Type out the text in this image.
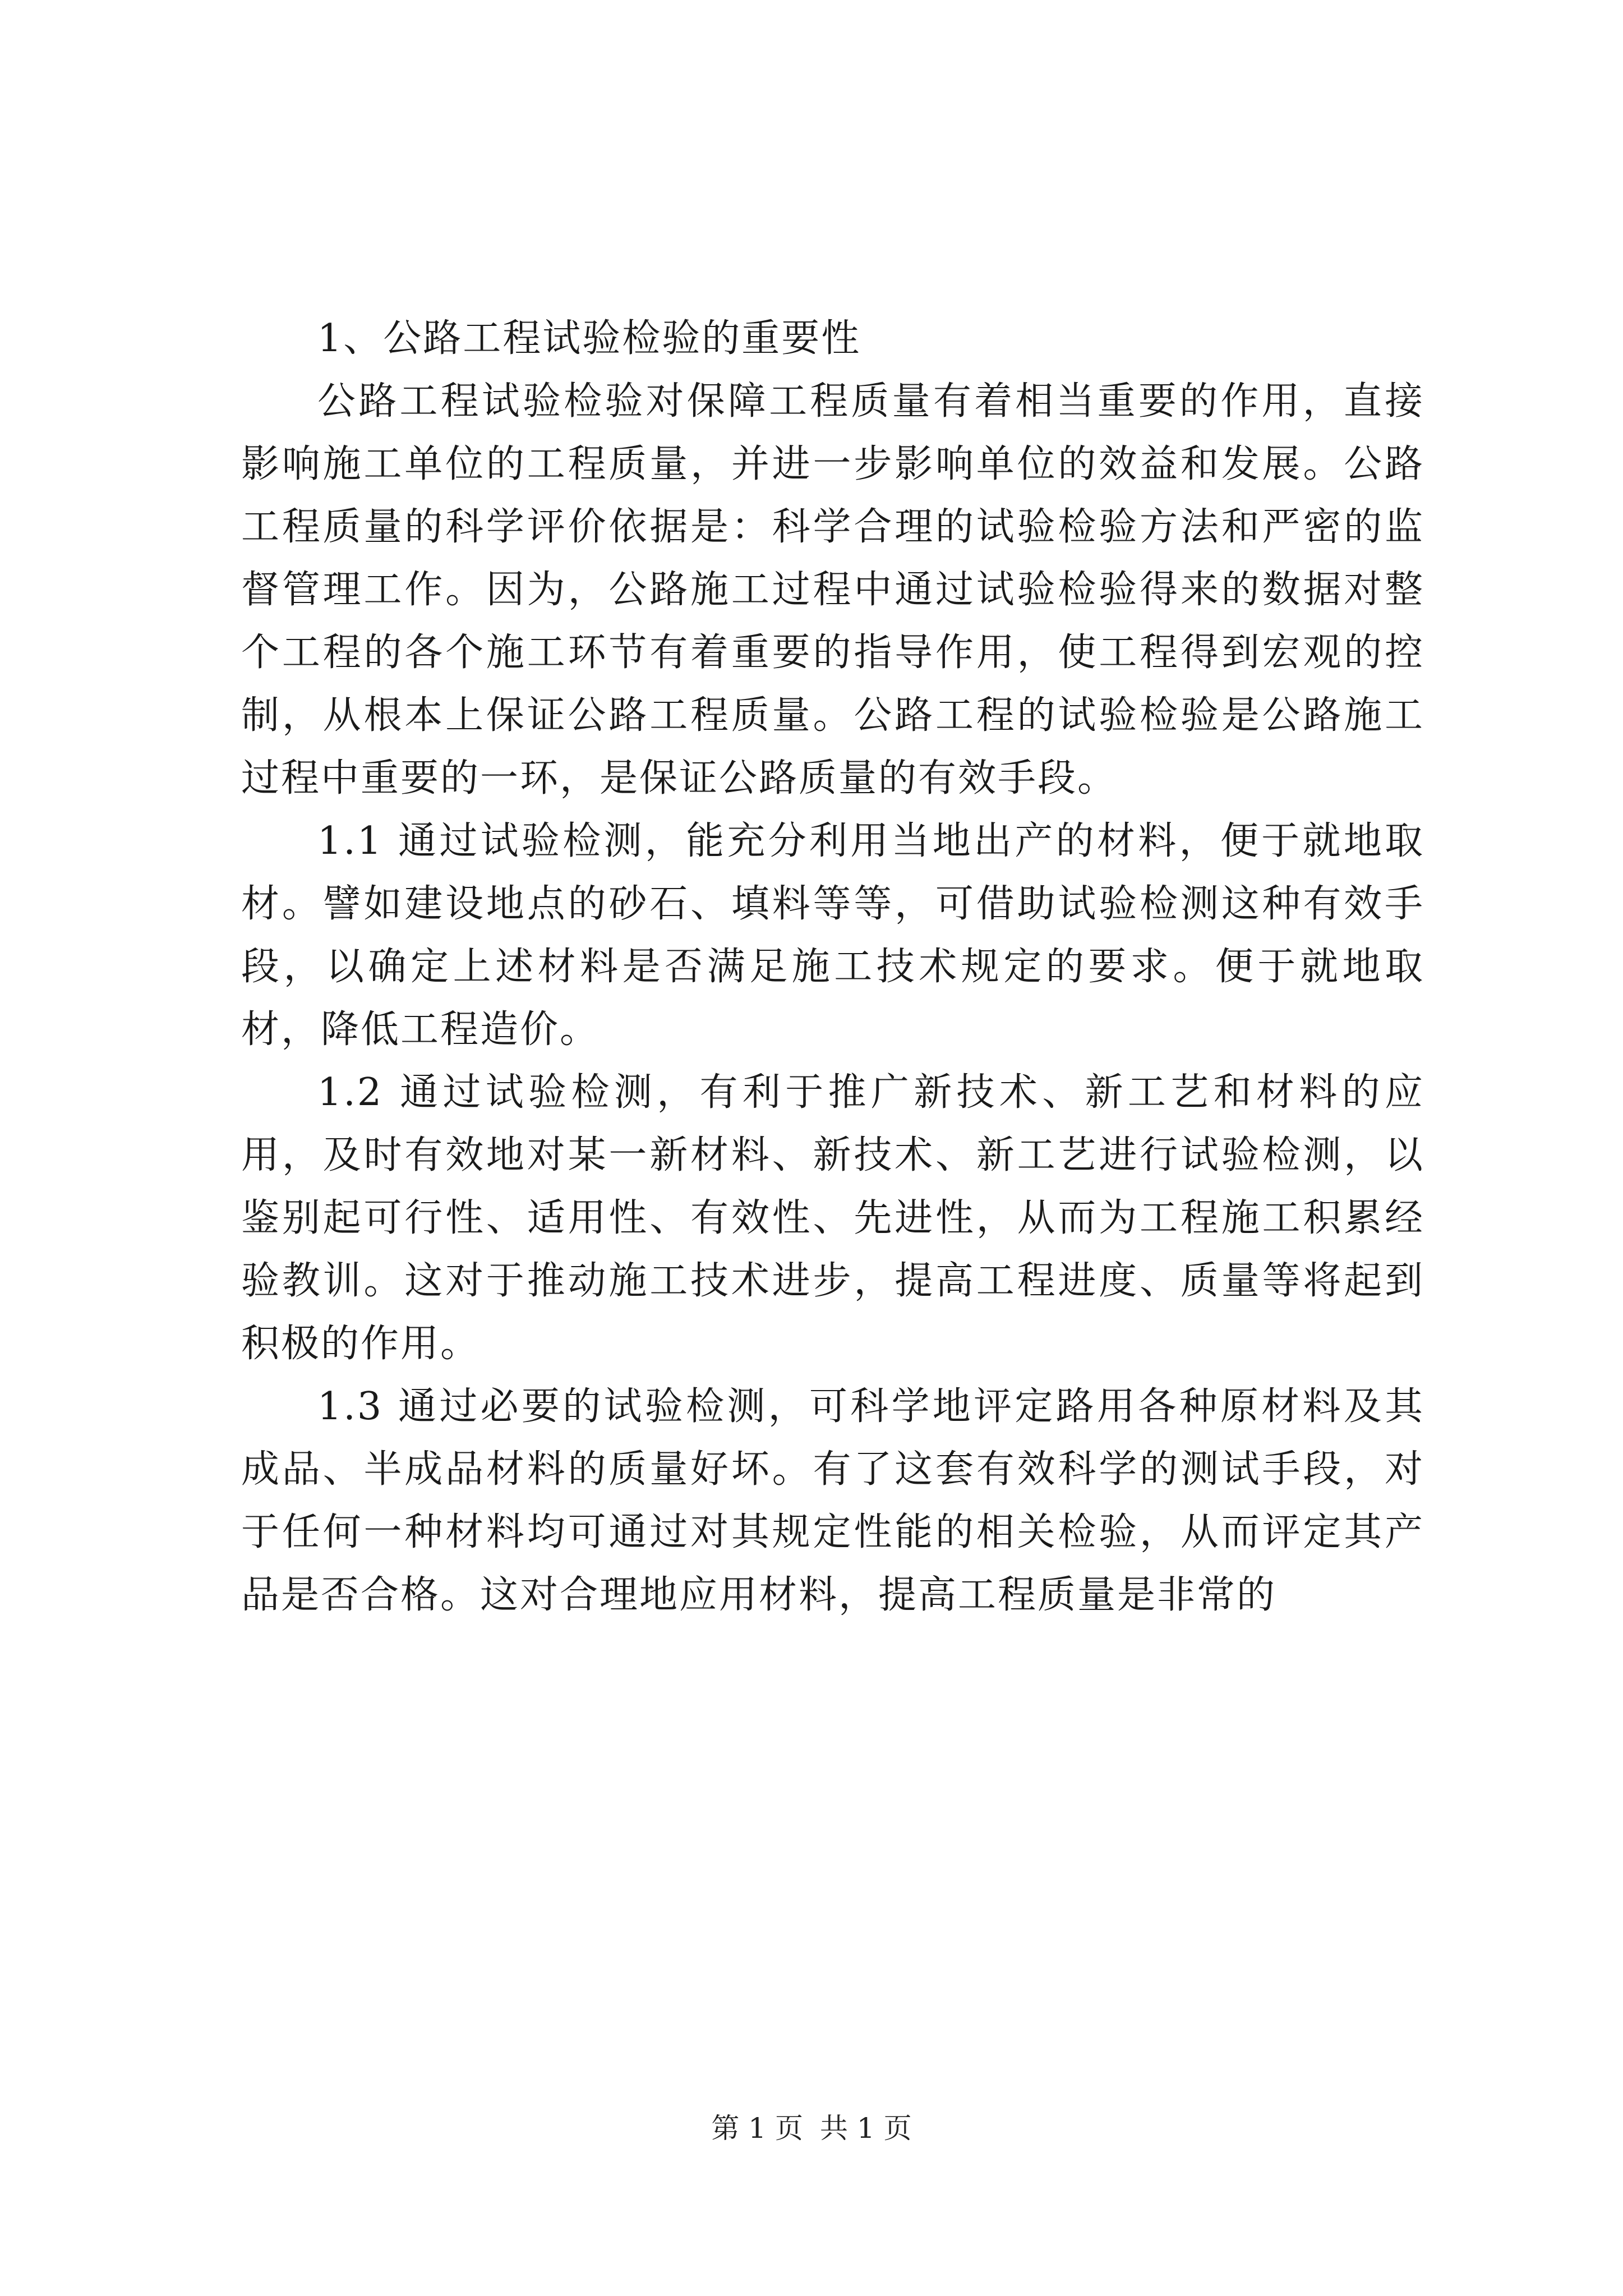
1、公路工程试验检验的重要性

公路工程试验检验对保障工程质量有着相当重要的作用，直接影响施工单位的工程质量，并进一步影响单位的效益和发展。公路工程质量的科学评价依据是：科学合理的试验检验方法和严密的监督管理工作。因为，公路施工过程中通过试验检验得来的数据对整个工程的各个施工环节有着重要的指导作用，使工程得到宏观的控制，从根本上保证公路工程质量。公路工程的试验检验是公路施工过程中重要的一环，是保证公路质量的有效手段。

1.1 通过试验检测，能充分利用当地出产的材料，便于就地取材。譬如建设地点的砂石、填料等等，可借助试验检测这种有效手段，以确定上述材料是否满足施工技术规定的要求。便于就地取材，降低工程造价。

1.2 通过试验检测，有利于推广新技术、新工艺和材料的应用，及时有效地对某一新材料、新技术、新工艺进行试验检测，以鉴别起可行性、适用性、有效性、先进性，从而为工程施工积累经验教训。这对于推动施工技术进步，提高工程进度、质量等将起到积极的作用。

1.3 通过必要的试验检测，可科学地评定路用各种原材料及其成品、半成品材料的质量好坏。有了这套有效科学的测试手段，对于任何一种材料均可通过对其规定性能的相关检验，从而评定其产品是否合格。这对合理地应用材料，提高工程质量是非常的

第 1 页 共 1 页
